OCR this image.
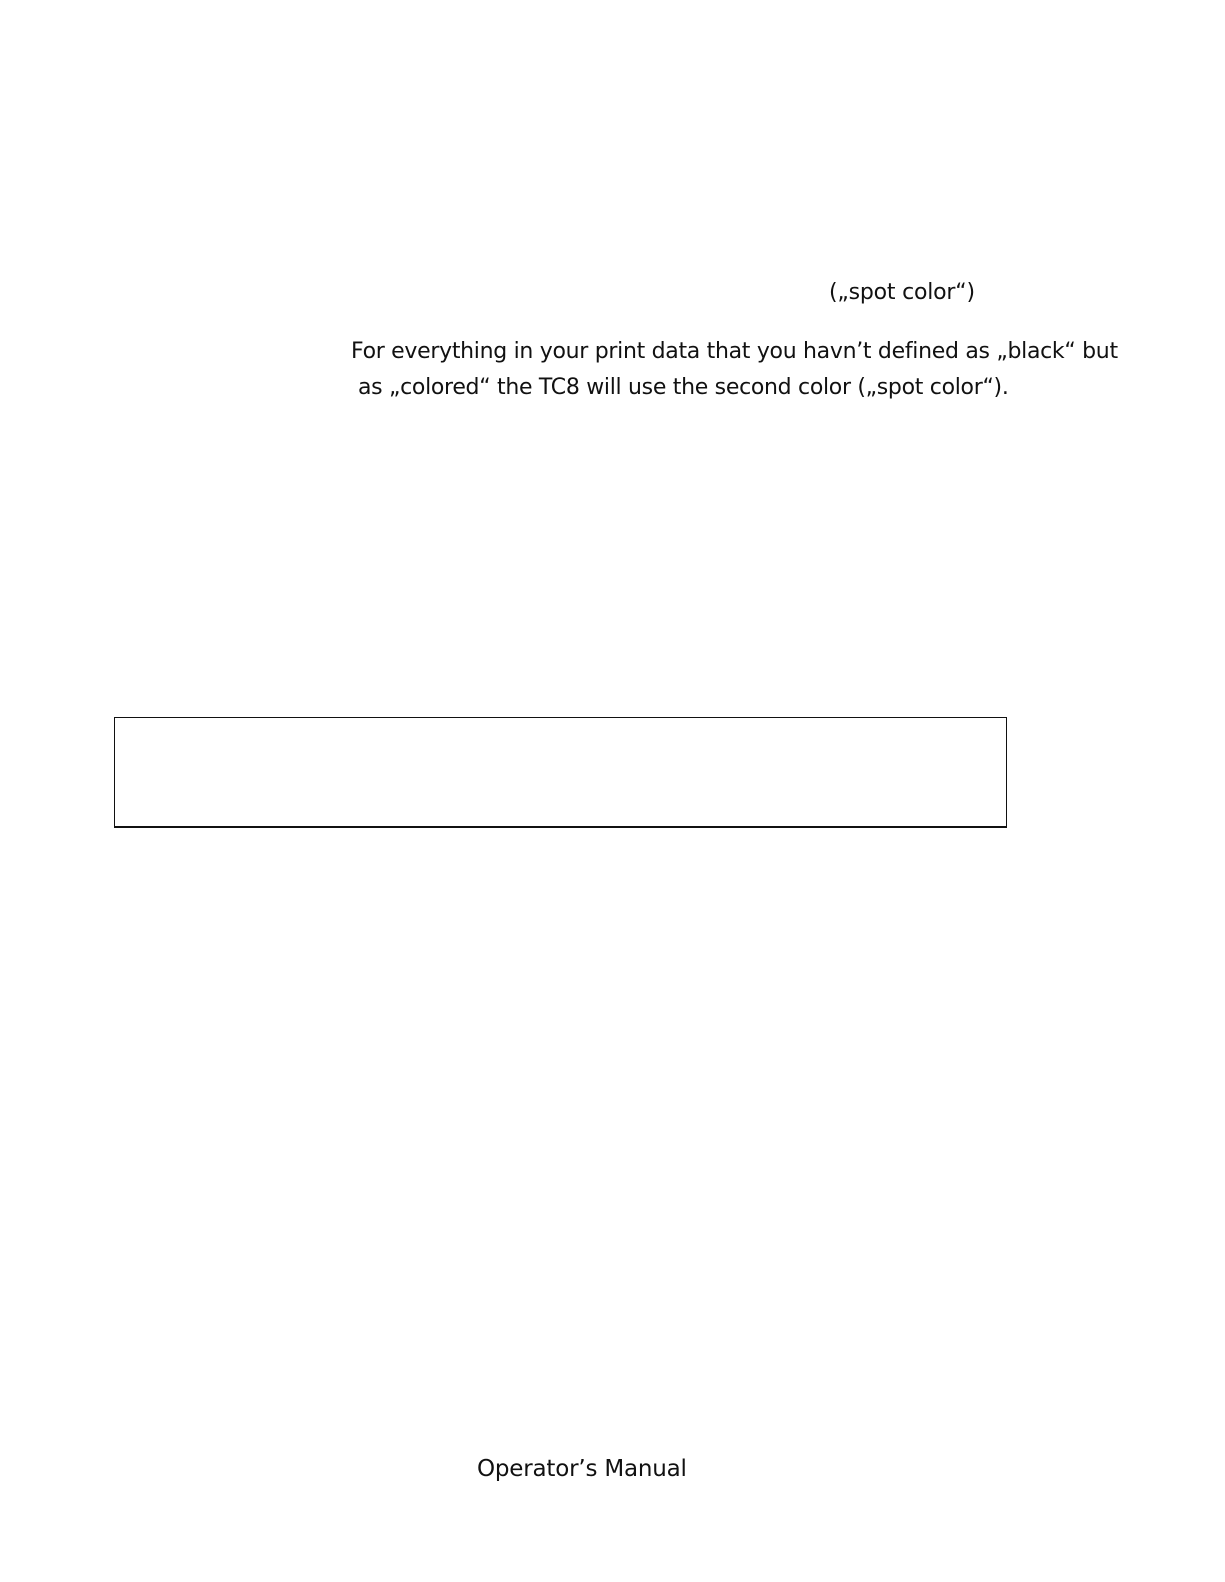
(„spot color“)
For everything in your print data that you havn’t defined as „black“ but
as „colored“ the TC8 will use the second color („spot color“).
Operator’s Manual
